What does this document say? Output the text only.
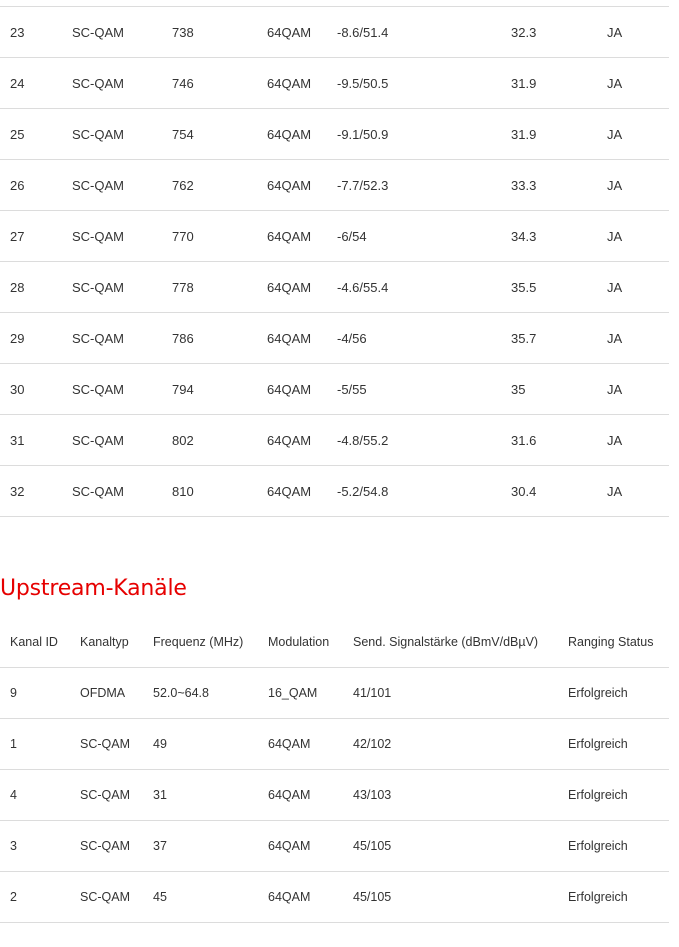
23	SC-QAM	738	64QAM	-8.6/51.4	32.3	JA
24	SC-QAM	746	64QAM	-9.5/50.5	31.9	JA
25	SC-QAM	754	64QAM	-9.1/50.9	31.9	JA
26	SC-QAM	762	64QAM	-7.7/52.3	33.3	JA
27	SC-QAM	770	64QAM	-6/54	34.3	JA
28	SC-QAM	778	64QAM	-4.6/55.4	35.5	JA
29	SC-QAM	786	64QAM	-4/56	35.7	JA
30	SC-QAM	794	64QAM	-5/55	35	JA
31	SC-QAM	802	64QAM	-4.8/55.2	31.6	JA
32	SC-QAM	810	64QAM	-5.2/54.8	30.4	JA
Upstream-Kanäle
Kanal ID	Kanaltyp	Frequenz (MHz)	Modulation	Send. Signalstärke (dBmV/dBµV)	Ranging Status
9	OFDMA	52.0~64.8	16_QAM	41/101	Erfolgreich
1	SC-QAM	49	64QAM	42/102	Erfolgreich
4	SC-QAM	31	64QAM	43/103	Erfolgreich
3	SC-QAM	37	64QAM	45/105	Erfolgreich
2	SC-QAM	45	64QAM	45/105	Erfolgreich
